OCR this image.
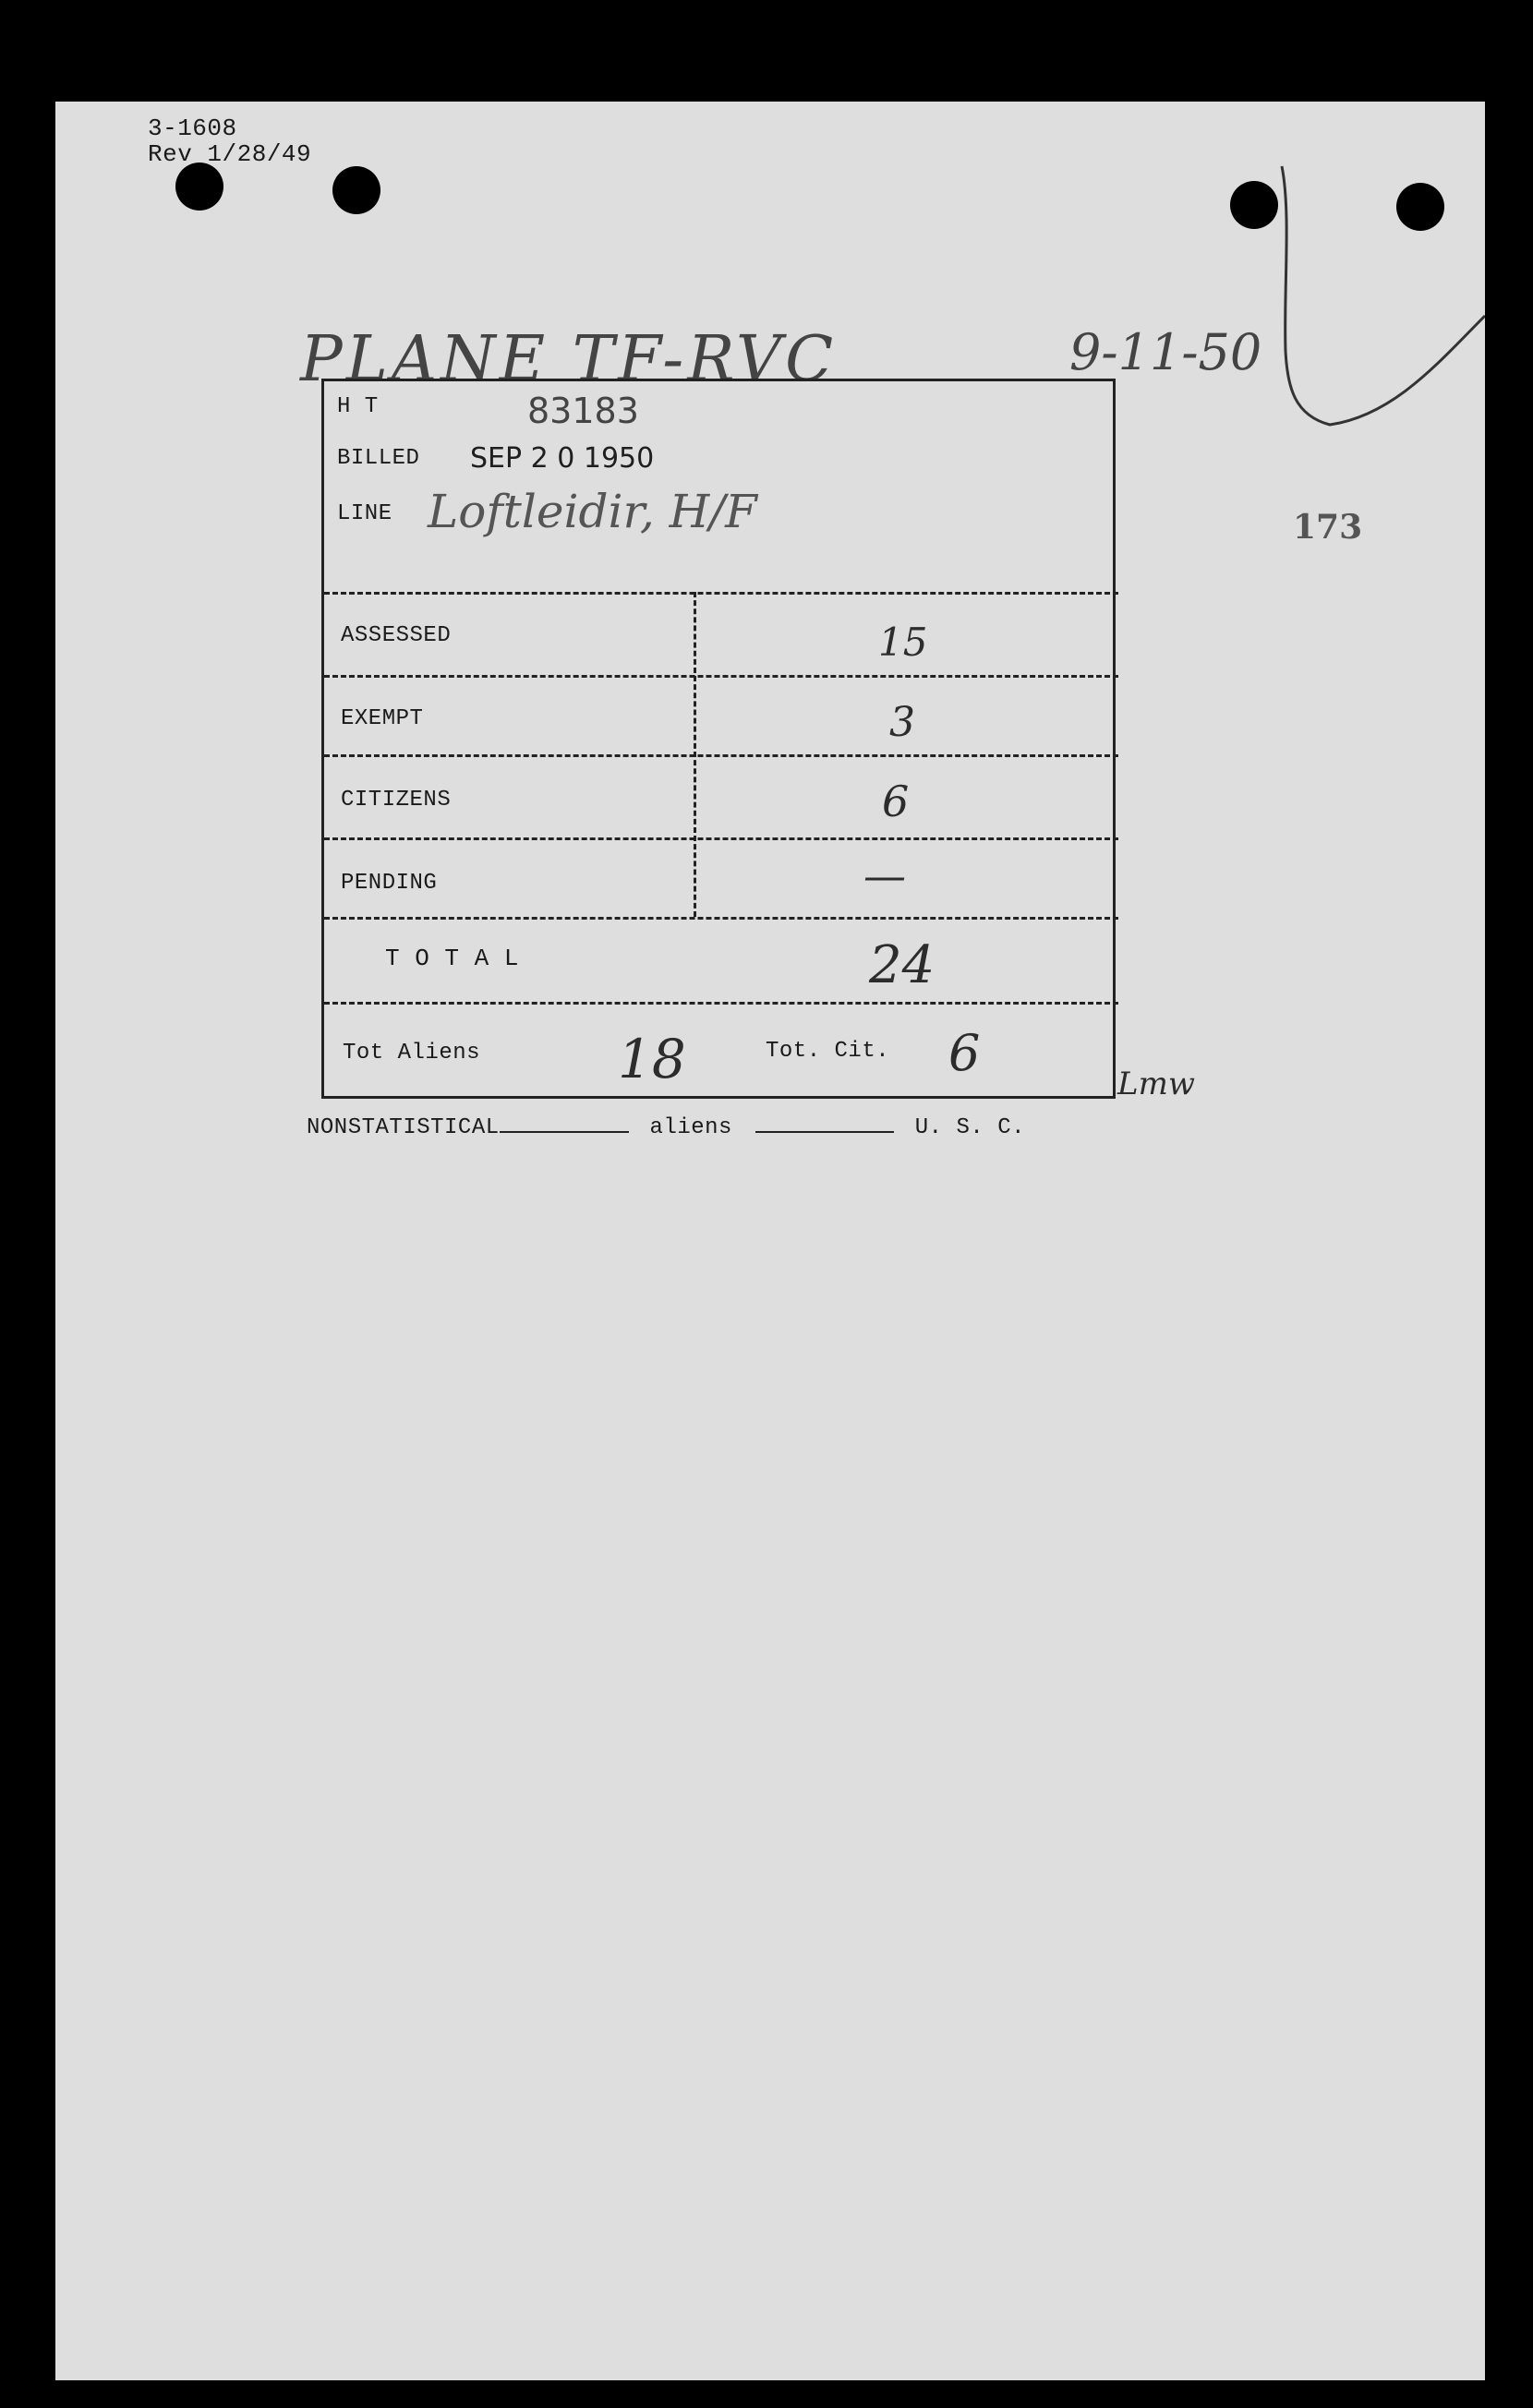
3-1608
Rev 1/28/49
PLANE TF-RVC	9-11-50
173
H T	83183
BILLED SEP 2 0 1950
LINE Loftleidir, H/F
ASSESSED	15
EXEMPT	3
CITIZENS	6
PENDING	—
T O T A L	24
Tot Aliens	18	Tot. Cit. 6
Lmw
NONSTATISTICAL	aliens	U. S. C.
